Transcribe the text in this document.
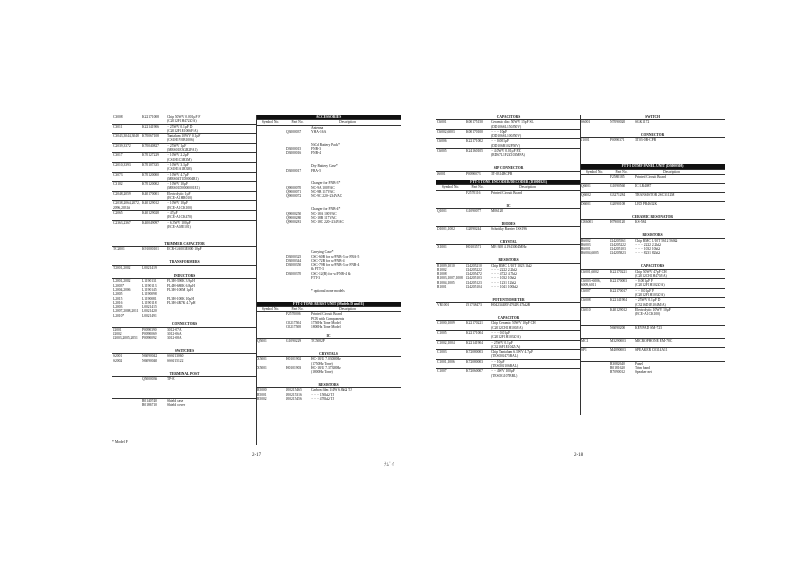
C3008	K22171008	Chip 50WV 0.001µF F		
		(C2012F1H472Z/A)		
C3011	K22141906	− 25WV 0.1µF D		
		(C2012F1E1006F/A)		
C3043,3044,3048	K70067108	Tantalum 10WV 0.1µF		
		(CS1H1V0B1006)		
C2039,3372	K70040827	− 25WV 1µF		
		(MRS01E3GR2FA1)		
C3017	K70127229	− 10WV 2.2µF		
		(CS1H1C3R3M)		
C2010,3393	K70107335	− 10WV 3.3µF		
		(CS1H1A1R3M)		
C3073	K70120000	− 10WV 4.7µF		
		(MRS04T1D0004R1)		
C3102	K70120002	− 10WV 10µF		
		(MRS01D0000001E1)		
C2048,2059	K40170001	Electrolytic 1µF		
		(ECE-A1HR010)		
C2038,2064,2072,	K40129012	− 10WV 10µF		
2096,2031#		(ECE-A1CK100)		
C2065	K40129028	− 47µF		
		(ECE-A1CK470)		
C2363,2367	K40049097	− 6.3WV 100µF		
		(ECE-A0JE101)		

TRIMMER CAPACITOR				
TC2001	K91000101	ECR-GA003E000 10pF		

TRANSFORMERS				
T2001,2002	L0021419			

INDUCTORS				
L2001,2002	L1190131	FL3H-390K 3.9µH		
L2003*	L1190113	FL4H-680K 6.8µH		
L2004,2006	L1190145	FL3H-100M 1µH		
L2005	L1190098			
L2015	L1190081	FL3H-100K 10µH		
L2016	L1190118	FL3H-4R7K 4.7µH		
L2003	L0021415			
L2007,2008,2011	L0021420			
L2010*	L0021491			

CONNECTORS				
J2001	P0090390	3012-07A		
J2002	P0090069	3012-06A		
J2003,2005,2051	P0090092	3012-08A		

SWITCHES				
S2001	N6090042	SSSJ13060		
S2002	N6090040	SSSJ15122		

TERMINAL POST				
	Q5000036	TP-E		

	R0140740	Shield case		
	R0186710	Shield cover		
ACCESSORIES				
Symbol No.	Part No.	Description		
		Antenna		
	Q3000037	YHA-16A		

		NiCd Battery Pack*		
	D3000015	FNB-3		
	D3000016	FNB-4		

		Dry Battery Case*		
	D3000017	FBA-5		

		Charger for FNB-3*		
	Q9000070	NC-9A 100VAC		
	Q9000071	NC-9B 117VAC		
	Q9000072	NC-9C 220~234VAC		

		Charger for FNB-4*		
	Q9000250	NC-18A 100VAC		
	Q9000280	NC-18B 117VAC		
	Q9000281	NC-18C 220~234VAC		

		Carrying Case*		
	D3000325	CSC-60B for w/FNB-3 or FBA-5		
	D3000344	CSC-72B for w/FNB-4		
	D3000350	CSC-79B for w/FNB-3 or FNB-4		
		& FTT-3		
	D3000370	CSC-12(B) for w/FNB-4 &		
		FTT-3		

		* optional none models		

FTT-2 TONE BURST UNIT (Models D and E)				
Symbol No.	Part No.	Description		
	F2570006	Printed Circuit Board		
		PCB with Components		
	C0217504	1750Hz Tone Model		
	C0217508	1800Hz Tone Model		

IC				
Q5001	G1090229	TC5082P		

CRYSTALS				
X5001	H0101902	HC-18/U 7.030MHz		
		(1750Hz Tone)		
X5001	H0101903	HC-18/U 7.373MHz		
		(1800Hz Tone)		

RESISTORS				
R5000	J00215465	Carbon film 1/4W 6.8kΩ TJ		
R5001	J00215316	− − − 150kΩ TJ		
R5002	J00215456	− − − 470kΩ TJ		
2-17
* Model F
CAPACITORS				
C6001	K00175150	Ceramic disc 50WV 15pF SL		
		(DD106SL150J50V)		
C6002,6003	K00170100	− − − 10pF		
		(DD106SL100J50V)		
C6006	K22171002	− − 0.001µF		
		(DD106B102P50V)		
C6005	K24160105	− 4.0WV 0.01µF FZ		
		(RD67L1F2Z103MFA)		

SIP CONNECTOR				
J6001	P0090073	3T-0314BCPB		

FTT-3 TONE ENCODER/DECODER (D3000321)				
Symbol No.	Part No.	Description		
	F2570116	Printed Circuit Board		

IC				
Q1001	G1090077	M06120		

DIODES				
D1001,1002	G2090244	Schottky Barrier 1SS196		

CRYSTAL				
X1001	H0103571	ME-308 4.1943004MHz		

RESISTORS				
R1009,1010	J24205210	Chip RMC 1/10T 1023 1kΩ		
R1002	J24205222	− − − 2222 2.2kΩ		
R1008	J24205472	− − − 4722 4.7kΩ		
R1003,1007,1008	J24205103	− − − 1032 10kΩ		
R1004,1005	J24205123	− − − 1231 12kΩ		
R1001	J24205104	− − − 1041 100kΩ		

POTENTIOMETER				
VR1001	J51738473	H042344RV4762B 47kΩB		

CAPACITOR				
C1000,1009	K22170221	Chip Ceramic 50WV 10pF CH		
		(C2012CH1H100J/A)		
C1005	K22171004	− − − 0.01µF		
		(C2012F1H103Z/A)		
C1002,1004	K22141904	− 25WV 0.1µF		
		(C3216F1E104Z/A)		
C1003	K72080003	Chip Tantalum 6.3WV 4.7µF		
		(TESO0J475BAL)		
C1001,1006	K72080003	− − 10µF		
		(TESO0J106BAL)		
C1007	K72060007	− − 4WV 100µF		
		(TESOG107BBL)		
SWITCH				
S6001	N7090020	SGK1172		

CONNECTOR				
J1001	P0090371	3T03-0B-CPB		

FTT-5 DTMF PANEL UNIT (D3000308)				
Symbol No.	Part No.	Description		
	F2580185	Printed Circuit Board		

Q6001	G1090560	IC LR4087		

Q6002	G3271284	TRANSISTOR 2SC3112M		

D6001	G2090108	LED PR4632K		

CERAMIC RESONATOR				
CR6001	H7900120	KS-584		

RESISTORS				
R6002	J24205561	Chip RMC 1/10T 5612 560Ω		
R6003	J24205222	− − − 2222 2.2kΩ		
R6001	J24205103	− − − 1032 10kΩ		
R6004,6005	J24205823	− − − 8231 82kΩ		

CAPACITORS				
C6001,6002	K22170221	Chip 50WV 47pF CH		
		(C2012CH1H470J/A)		
C6003~6006,	K22170003	− 0.001µF F		
6009,6011		(C2012F1H102Z/A)		
C6007	K22170017	− − 0.01µF F		
		(C2012F1H103Z/A)		
C6008	K22141904	− 25WV 0.1µF D		
		(C3216D1E104M/A)		
C6010	K40129012	Electrolytic 10WV 10µF		
		(ECE-A1CK100)		

	N6090200	KEYPAD SM-723		

MC1	M3290003	MICROPHONE EM-78C		

SP1	M4090003	SPEAKER C0314A11		

	R3082640	Panel		
	R0181620	Trim band		
	R7090012	Speaker net		
2-18
ﾅﾑﾞｲ
